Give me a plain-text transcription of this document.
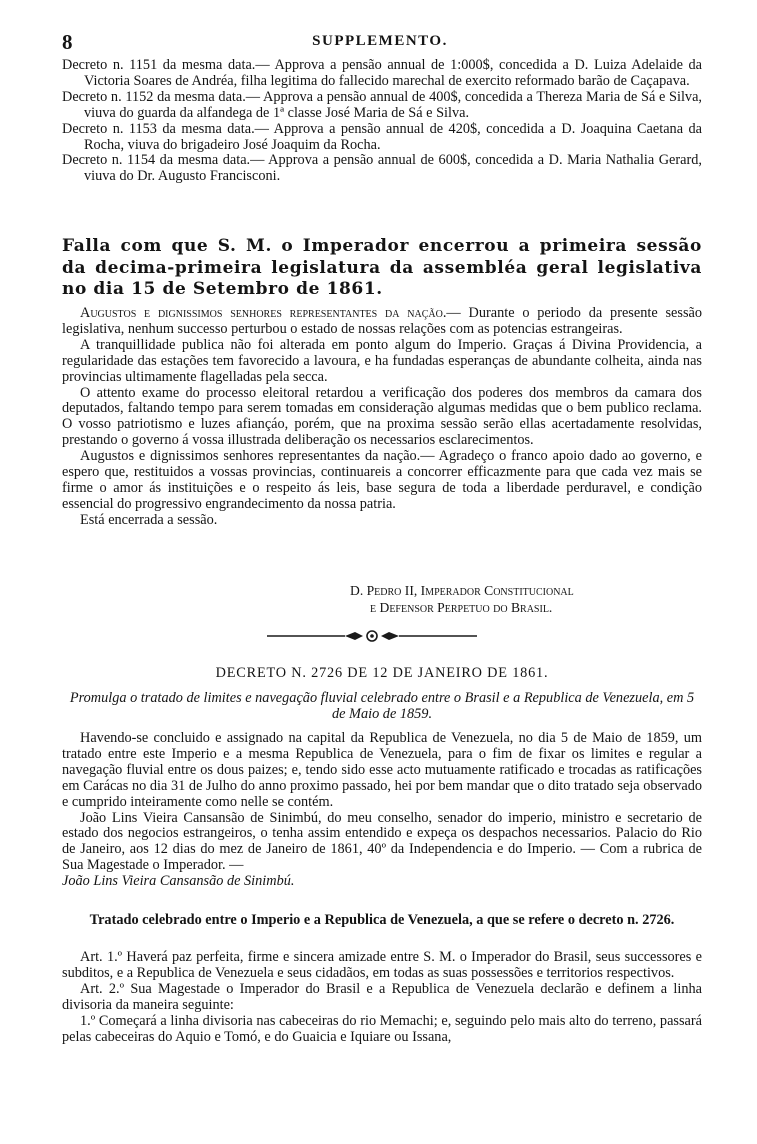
8	SUPPLEMENTO.

Decreto n. 1151 da mesma data.— Approva a pensão annual de 1:000$, concedida a D. Luiza Adelaide da Victoria Soares de Andréa, filha legitima do fallecido marechal de exercito reformado barão de Caçapava.

Decreto n. 1152 da mesma data.— Approva a pensão annual de 400$, concedida a Thereza Maria de Sá e Silva, viuva do guarda da alfandega de 1ª classe José Maria de Sá e Silva.

Decreto n. 1153 da mesma data.— Approva a pensão annual de 420$, concedida a D. Joaquina Caetana da Rocha, viuva do brigadeiro José Joaquim da Rocha.

Decreto n. 1154 da mesma data.— Approva a pensão annual de 600$, concedida a D. Maria Nathalia Gerard, viuva do Dr. Augusto Francisconi.

Falla com que S. M. o Imperador encerrou a primeira sessão da decima-primeira legislatura da assembléa geral legislativa no dia 15 de Setembro de 1861.

Augustos e dignissimos senhores representantes da nação.— Durante o periodo da presente sessão legislativa, nenhum successo perturbou o estado de nossas relações com as potencias estrangeiras.

A tranquillidade publica não foi alterada em ponto algum do Imperio. Graças á Divina Providencia, a regularidade das estações tem favorecido a lavoura, e ha fundadas esperanças de abundante colheita, ainda nas provincias ultimamente flagelladas pela secca.

O attento exame do processo eleitoral retardou a verificação dos poderes dos membros da camara dos deputados, faltando tempo para serem tomadas em consideração algumas medidas que o bem publico reclama. O vosso patriotismo e luzes afiançáo, porém, que na proxima sessão serão ellas acertadamente resolvidas, prestando o governo á vossa illustrada deliberação os necessarios esclarecimentos.

Augustos e dignissimos senhores representantes da nação.— Agradeço o franco apoio dado ao governo, e espero que, restituidos a vossas provincias, continuareis a concorrer efficazmente para que cada vez mais se firme o amor ás instituições e o respeito ás leis, base segura de toda a liberdade perduravel, e condição essencial do progressivo engrandecimento da nossa patria.

Está encerrada a sessão.

D. Pedro II, Imperador Constitucional
e Defensor Perpetuo do Brasil.
DECRETO N. 2726 DE 12 DE JANEIRO DE 1861.
Promulga o tratado de limites e navegação fluvial celebrado entre o Brasil e a Republica de Venezuela, em 5 de Maio de 1859.

Havendo-se concluido e assignado na capital da Republica de Venezuela, no dia 5 de Maio de 1859, um tratado entre este Imperio e a mesma Republica de Venezuela, para o fim de fixar os limites e regular a navegação fluvial entre os dous paizes; e, tendo sido esse acto mutuamente ratificado e trocadas as ratificações em Carácas no dia 31 de Julho do anno proximo passado, hei por bem mandar que o dito tratado seja observado e cumprido inteiramente como nelle se contém.

João Lins Vieira Cansansão de Sinimbú, do meu conselho, senador do imperio, ministro e secretario de estado dos negocios estrangeiros, o tenha assim entendido e expeça os despachos necessarios. Palacio do Rio de Janeiro, aos 12 dias do mez de Janeiro de 1861, 40º da Independencia e do Imperio. — Com a rubrica de Sua Magestade o Imperador. —

João Lins Vieira Cansansão de Sinimbú.

Tratado celebrado entre o Imperio e a Republica de Venezuela, a que se refere o decreto n. 2726.

Art. 1.º Haverá paz perfeita, firme e sincera amizade entre S. M. o Imperador do Brasil, seus successores e subditos, e a Republica de Venezuela e seus cidadãos, em todas as suas possessões e territorios respectivos.

Art. 2.º Sua Magestade o Imperador do Brasil e a Republica de Venezuela declarão e definem a linha divisoria da maneira seguinte:

1.º Começará a linha divisoria nas cabeceiras do rio Memachi; e, seguindo pelo mais alto do terreno, passará pelas cabeceiras do Aquio e Tomó, e do Guaicia e Iquiare ou Issana,
